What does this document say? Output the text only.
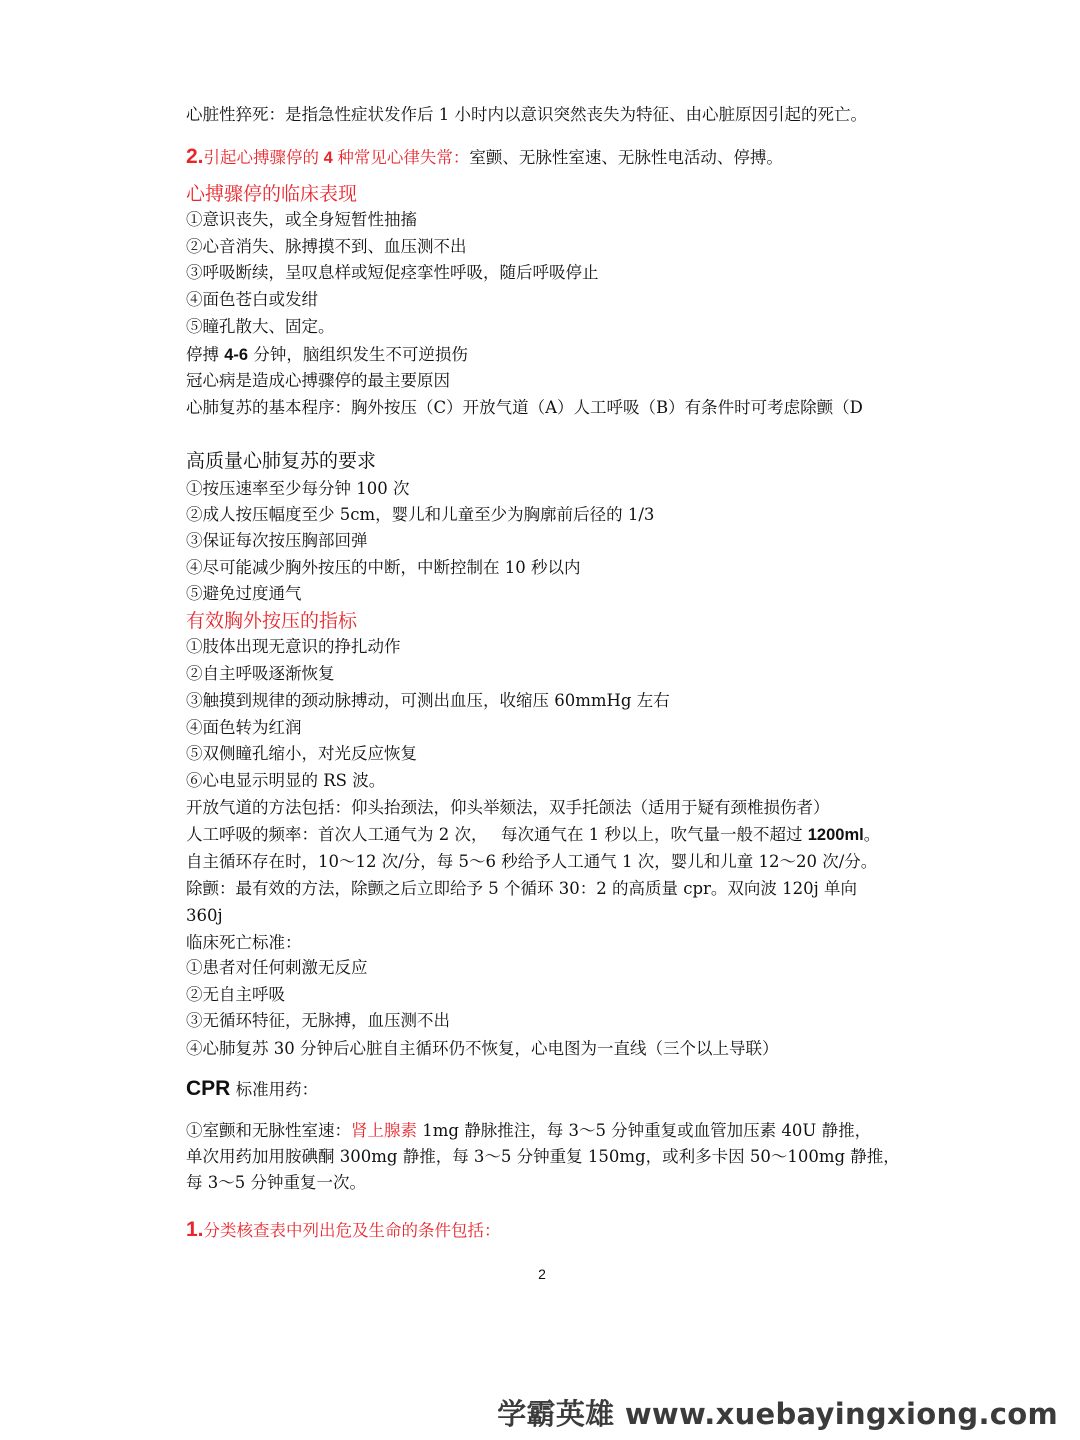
心脏性猝死：是指急性症状发作后 1 小时内以意识突然丧失为特征、由心脏原因引起的死亡。
2.引起心搏骤停的 4 种常见心律失常：室颤、无脉性室速、无脉性电活动、停搏。
心搏骤停的临床表现
①意识丧失，或全身短暂性抽搐
②心音消失、脉搏摸不到、血压测不出
③呼吸断续，呈叹息样或短促痉挛性呼吸，随后呼吸停止
④面色苍白或发绀
⑤瞳孔散大、固定。
停搏 4-6 分钟，脑组织发生不可逆损伤
冠心病是造成心搏骤停的最主要原因
心肺复苏的基本程序：胸外按压（C）开放气道（A）人工呼吸（B）有条件时可考虑除颤（D
高质量心肺复苏的要求
①按压速率至少每分钟 100 次
②成人按压幅度至少 5cm，婴儿和儿童至少为胸廓前后径的 1/3
③保证每次按压胸部回弹
④尽可能减少胸外按压的中断，中断控制在 10 秒以内
⑤避免过度通气
有效胸外按压的指标
①肢体出现无意识的挣扎动作
②自主呼吸逐渐恢复
③触摸到规律的颈动脉搏动，可测出血压，收缩压 60mmHg 左右
④面色转为红润
⑤双侧瞳孔缩小，对光反应恢复
⑥心电显示明显的 RS 波。
开放气道的方法包括：仰头抬颈法，仰头举颏法，双手托颌法（适用于疑有颈椎损伤者）
人工呼吸的频率：首次人工通气为 2 次，　 每次通气在 1 秒以上，吹气量一般不超过 1200ml。
自主循环存在时，10～12 次/分，每 5～6 秒给予人工通气 1 次，婴儿和儿童 12～20 次/分。
除颤：最有效的方法，除颤之后立即给予 5 个循环 30：2 的高质量 cpr。双向波 120j 单向
360j
临床死亡标准：
①患者对任何刺激无反应
②无自主呼吸
③无循环特征，无脉搏，血压测不出
④心肺复苏 30 分钟后心脏自主循环仍不恢复，心电图为一直线（三个以上导联）
CPR 标准用药：
①室颤和无脉性室速：肾上腺素 1mg 静脉推注，每 3～5 分钟重复或血管加压素 40U 静推，
单次用药加用胺碘酮 300mg 静推，每 3～5 分钟重复 150mg，或利多卡因 50～100mg 静推，
每 3～5 分钟重复一次。
1.分类核查表中列出危及生命的条件包括：
2
学霸英雄 www.xuebayingxiong.com
